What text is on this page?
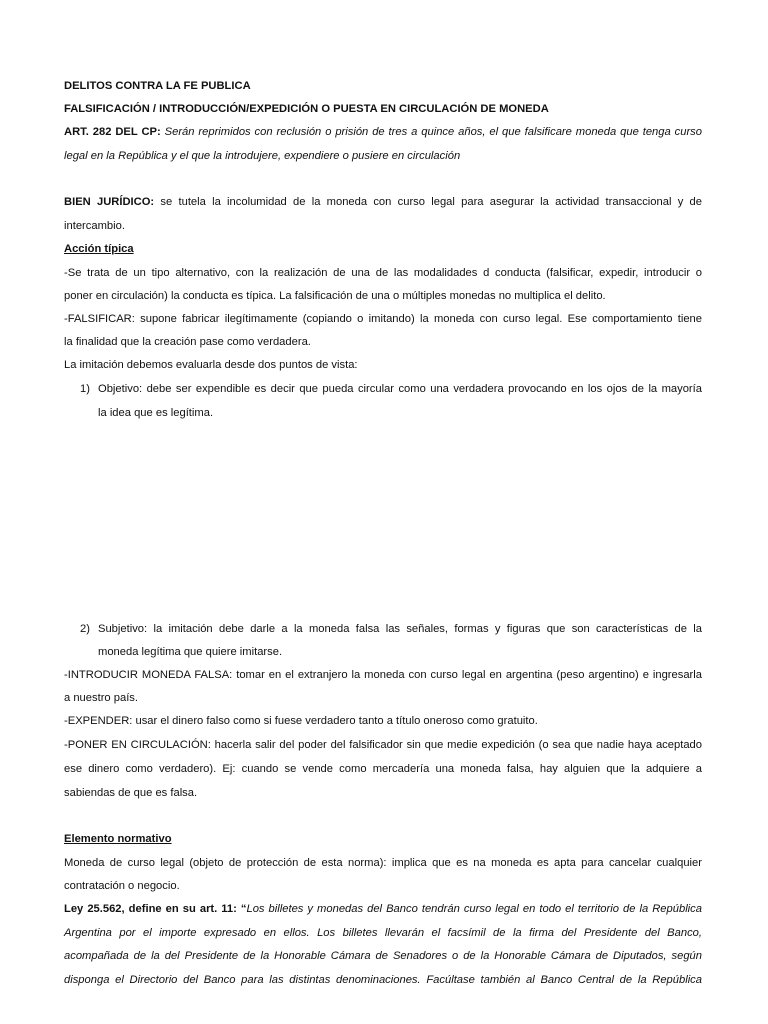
DELITOS CONTRA LA FE PUBLICA
FALSIFICACIÓN / INTRODUCCIÓN/EXPEDICIÓN O PUESTA EN CIRCULACIÓN DE MONEDA
ART. 282 DEL CP: Serán reprimidos con reclusión o prisión de tres a quince años, el que falsificare moneda que tenga curso
legal en la República y el que la introdujere, expendiere o pusiere en circulación
BIEN JURÍDICO: se tutela la incolumidad de la moneda con curso legal para asegurar la actividad transaccional y de
intercambio.
Acción típica
-Se trata de un tipo alternativo, con la realización de una de las modalidades d conducta (falsificar, expedir, introducir o
poner en circulación) la conducta es típica. La falsificación de una o múltiples monedas no multiplica el delito.
-FALSIFICAR: supone fabricar ilegítimamente (copiando o imitando) la moneda con curso legal. Ese comportamiento tiene
la finalidad que la creación pase como verdadera.
La imitación debemos evaluarla desde dos puntos de vista:
1) Objetivo: debe ser expendible es decir que pueda circular como una verdadera provocando en los ojos de la mayoría
la idea que es legítima.
2) Subjetivo: la imitación debe darle a la moneda falsa las señales, formas y figuras que son características de la
moneda legítima que quiere imitarse.
-INTRODUCIR MONEDA FALSA: tomar en el extranjero la moneda con curso legal en argentina (peso argentino) e ingresarla
a nuestro país.
-EXPENDER: usar el dinero falso como si fuese verdadero tanto a título oneroso como gratuito.
-PONER EN CIRCULACIÓN: hacerla salir del poder del falsificador sin que medie expedición (o sea que nadie haya aceptado
ese dinero como verdadero). Ej: cuando se vende como mercadería una moneda falsa, hay alguien que la adquiere a
sabiendas de que es falsa.
Elemento normativo
Moneda de curso legal (objeto de protección de esta norma): implica que es na moneda es apta para cancelar cualquier
contratación o negocio.
Ley 25.562, define en su art. 11: “Los billetes y monedas del Banco tendrán curso legal en todo el territorio de la República
Argentina por el importe expresado en ellos. Los billetes llevarán el facsímil de la firma del Presidente del Banco,
acompañada de la del Presidente de la Honorable Cámara de Senadores o de la Honorable Cámara de Diputados, según
disponga el Directorio del Banco para las distintas denominaciones. Facúltase también al Banco Central de la República
